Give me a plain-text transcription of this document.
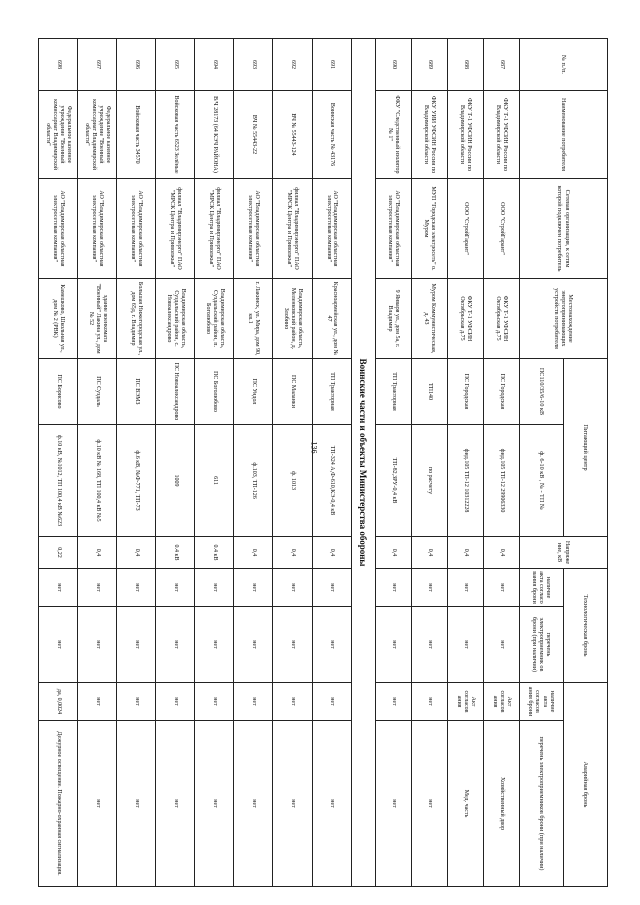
136
№ п./п.	Наименование потребителя	Сетевая организация, к сетям которой подключен потребитель	Местонахождение энергопринимающих устройств потребителя	Питающий центр		Напряже ние, кВ	Технологическая бронь		Аварийная бронь	
				ПС110/35/6-10 кВ	ф. 6-10 кВ , № - ТП №		наличие акта согласо вания брони	перечень электроприемник ов брони (при наличии)	наличие акта согласов ания брони	перечень электроприемников брони (при наличии)
687	ФКУ Т-1 УФСИН России по Владимирской области	ООО "СтройГарант"	ФКУ Т-1 УФСИН Октябрьская д.75	ПС Городская	фид.105 ТП-12 29906330	0,4	нет	нет	Акт согласов ания	Хозяйственный двор
688	ФКУ Т-1 УФСИН России по Владимирской области	ООО "СтройГарант"	ФКУ Т-1 УФСИН Октябрьская д.75	ПС Городская	фид.105 ТП-12 10312228	0,4	нет	нет	Акт согласов ания	Мед. часть
689	ФКУ УИИ УФСИН России по Владимирской области	МУП "Городская электросеть" о. Муром	Муром Коммунистическая, д. 43	ТП140	по расчету	0,4	нет	нет	нет	нет
690	ФКУ "Следственный изолятор № 1"	АО "Владимирская областная электросетевая компания"	9 Января ул., дом 5а, г. Владимир	ТП Тракторная	ТП-82,ЗРУ-0,4 кВ	0,4	нет	нет	нет	нет
Воинские части и объекты Министерства обороны										
691	Воинская часть № 43176	АО "Владимирская областная электросетевая компания"	Красноармейская ул., дом № 47	ТП Тракторная	ТП-324 А,Ф-610,КЭ-0,4 кВ	0,4	нет	нет	нет	нет
692	ВЧ № 55443-124	филиал "Владимирэнерго" ПАО "МРСК Центра и Приволжья"	Владимирская область, Меленковский район, д. Злобино	ПС Маланки	ф. 1013	0,4	нет	нет	нет	нет
693	ВЧ № 55443-22	АО "Владимирская областная электросетевая компания"	г. Лакинск, ул. Мира, дом 90, кв.1	ПС Ундол	ф.103, ТП-126	0,4	нет	нет	нет	нет
694	В/Ч 28173 (64 КЭЧ РАЙОНА)	филиал "Владимирэнерго" ПАО "МРСК Центра и Приволжья"	Владимирская область, Суздальский район, п. Боголюбово	ПС Боголюбово	611	0.4 кВ	нет	нет	нет	нет
695	Войсковая часть 6523 Зелёные	филиал "Владимирэнерго" ПАО "МРСК Центра и Приволжья"	Владимирская область, Суздальский район, с. Новоалександрово	ПС Новоалександрово	1009	0.4 кВ	нет	нет	нет	нет
696	Войсковая часть 34570	АО "Владимирская областная электросетевая компания"	Большая Нижегородская ул., дом 65д, г. Владимир	ПС ВЭМЗ	ф.6 кВ, №Ф-771, ТП-73	0,4	нет	нет	нет	нет
697	Федеральное казенное учреждение "Военный комиссариат Владимирской области"	АО "Владимирская областная электросетевая компания"	здание военкомата "Военный" Лакина ул., дом № 52	ПС Суздаль	ф.10 кВ № 168, ТП 100,4 кВ №5	0,4	нет	нет	нет	нет
698	Федеральное казенное учреждение "Военный комиссариат Владимирской области"	АО "Владимирская областная электросетевая компания"	Камешково, Школьная ул., дом № 2 (РВК)	ПС Борисово	ф.10 кВ, №1012, ТП 100,4 кВ №623	0,22	нет	нет	да, 0,0024	Дежурное освещение. Пожарно-охранная сигнализация.
